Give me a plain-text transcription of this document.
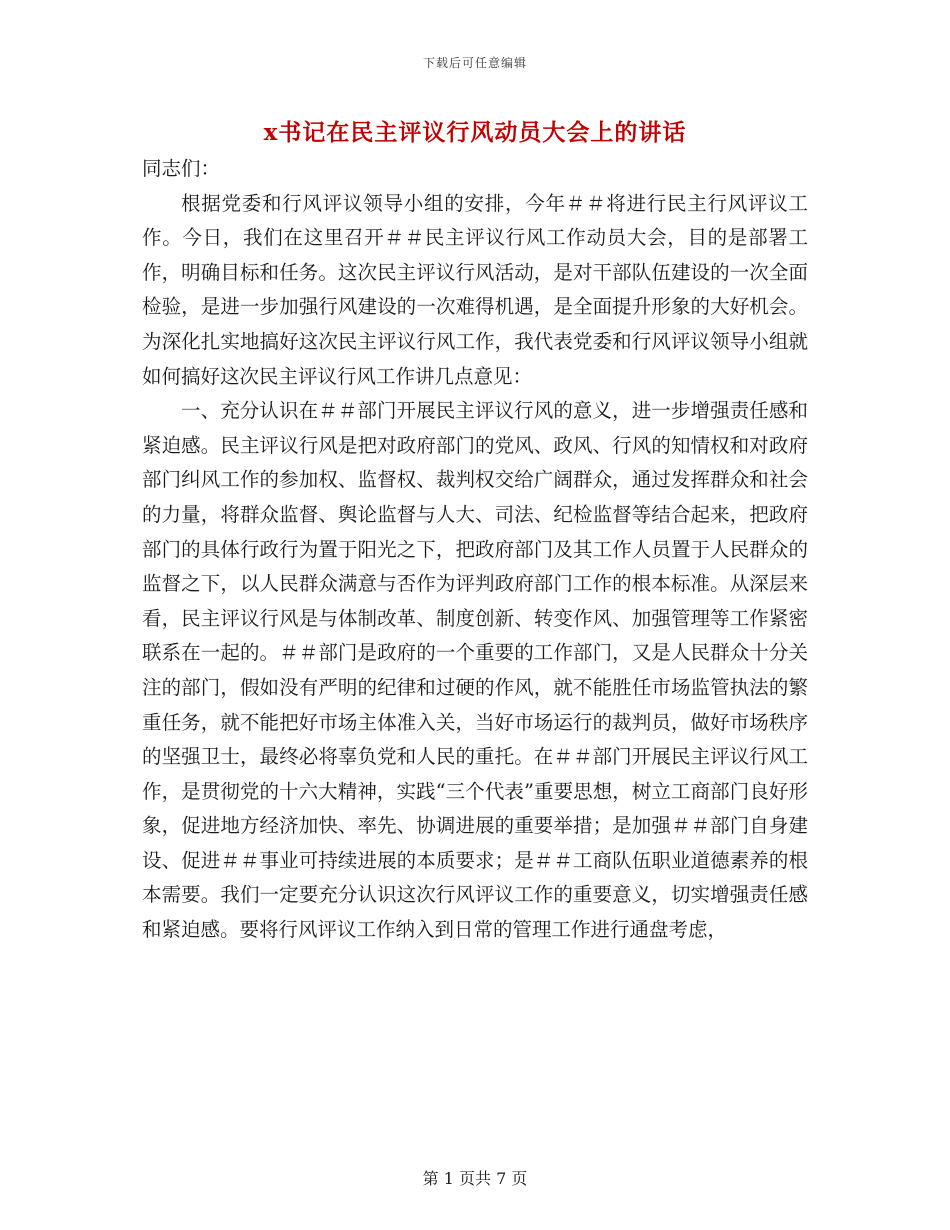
下载后可任意编辑
x书记在民主评议行风动员大会上的讲话

同志们：

根据党委和行风评议领导小组的安排，今年＃＃将进行民主行风评议工作。今日，我们在这里召开＃＃民主评议行风工作动员大会，目的是部署工作，明确目标和任务。这次民主评议行风活动，是对干部队伍建设的一次全面检验，是进一步加强行风建设的一次难得机遇，是全面提升形象的大好机会。为深化扎实地搞好这次民主评议行风工作，我代表党委和行风评议领导小组就如何搞好这次民主评议行风工作讲几点意见：

一、充分认识在＃＃部门开展民主评议行风的意义，进一步增强责任感和紧迫感。民主评议行风是把对政府部门的党风、政风、行风的知情权和对政府部门纠风工作的参加权、监督权、裁判权交给广阔群众，通过发挥群众和社会的力量，将群众监督、舆论监督与人大、司法、纪检监督等结合起来，把政府部门的具体行政行为置于阳光之下，把政府部门及其工作人员置于人民群众的监督之下，以人民群众满意与否作为评判政府部门工作的根本标准。从深层来看，民主评议行风是与体制改革、制度创新、转变作风、加强管理等工作紧密联系在一起的。＃＃部门是政府的一个重要的工作部门，又是人民群众十分关注的部门，假如没有严明的纪律和过硬的作风，就不能胜任市场监管执法的繁重任务，就不能把好市场主体准入关，当好市场运行的裁判员，做好市场秩序的坚强卫士，最终必将辜负党和人民的重托。在＃＃部门开展民主评议行风工作，是贯彻党的十六大精神，实践“三个代表”重要思想，树立工商部门良好形象，促进地方经济加快、率先、协调进展的重要举措；是加强＃＃部门自身建设、促进＃＃事业可持续进展的本质要求；是＃＃工商队伍职业道德素养的根本需要。我们一定要充分认识这次行风评议工作的重要意义，切实增强责任感和紧迫感。要将行风评议工作纳入到日常的管理工作进行通盘考虑，

第 1 页共 7 页
